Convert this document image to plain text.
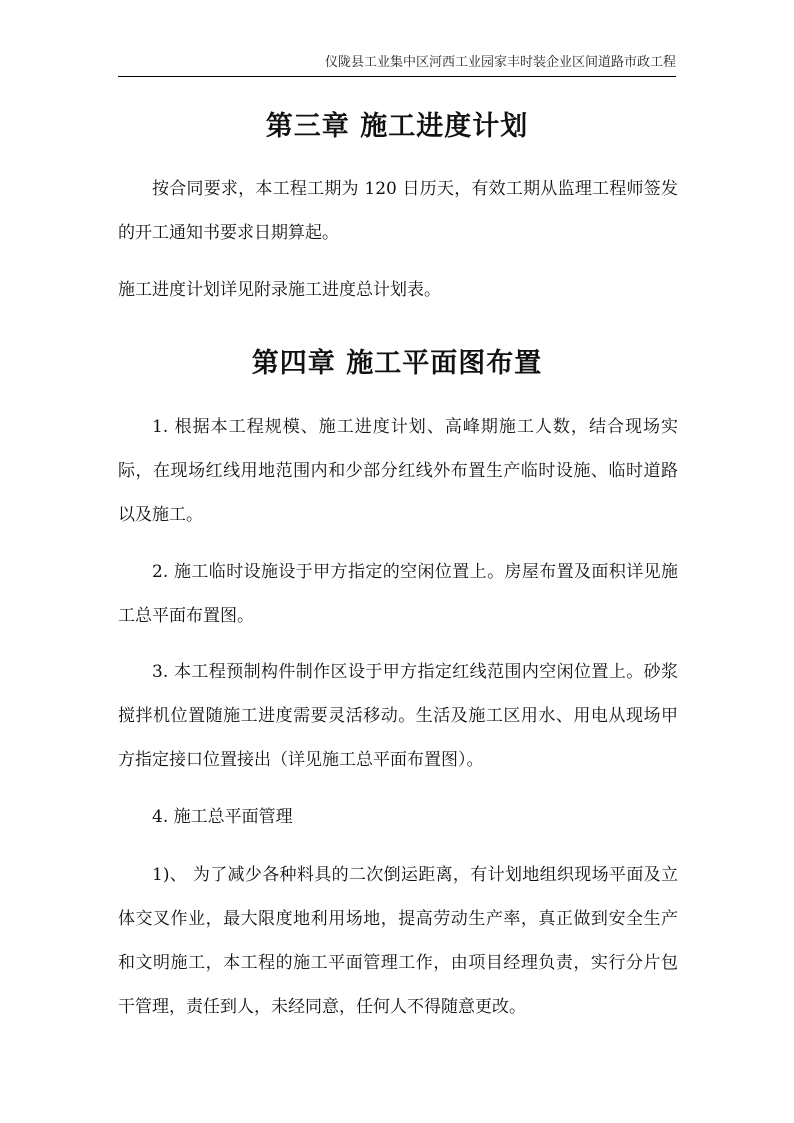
仪陇县工业集中区河西工业园家丰时装企业区间道路市政工程
第三章 施工进度计划

按合同要求，本工程工期为 120 日历天，有效工期从监理工程师签发的开工通知书要求日期算起。

施工进度计划详见附录施工进度总计划表。

第四章 施工平面图布置

1. 根据本工程规模、施工进度计划、高峰期施工人数，结合现场实际，在现场红线用地范围内和少部分红线外布置生产临时设施、临时道路以及施工。

2. 施工临时设施设于甲方指定的空闲位置上。房屋布置及面积详见施工总平面布置图。

3. 本工程预制构件制作区设于甲方指定红线范围内空闲位置上。砂浆搅拌机位置随施工进度需要灵活移动。生活及施工区用水、用电从现场甲方指定接口位置接出（详见施工总平面布置图）。

4. 施工总平面管理

1)、 为了减少各种料具的二次倒运距离，有计划地组织现场平面及立体交叉作业，最大限度地利用场地，提高劳动生产率，真正做到安全生产和文明施工，本工程的施工平面管理工作，由项目经理负责，实行分片包干管理，责任到人，未经同意，任何人不得随意更改。
